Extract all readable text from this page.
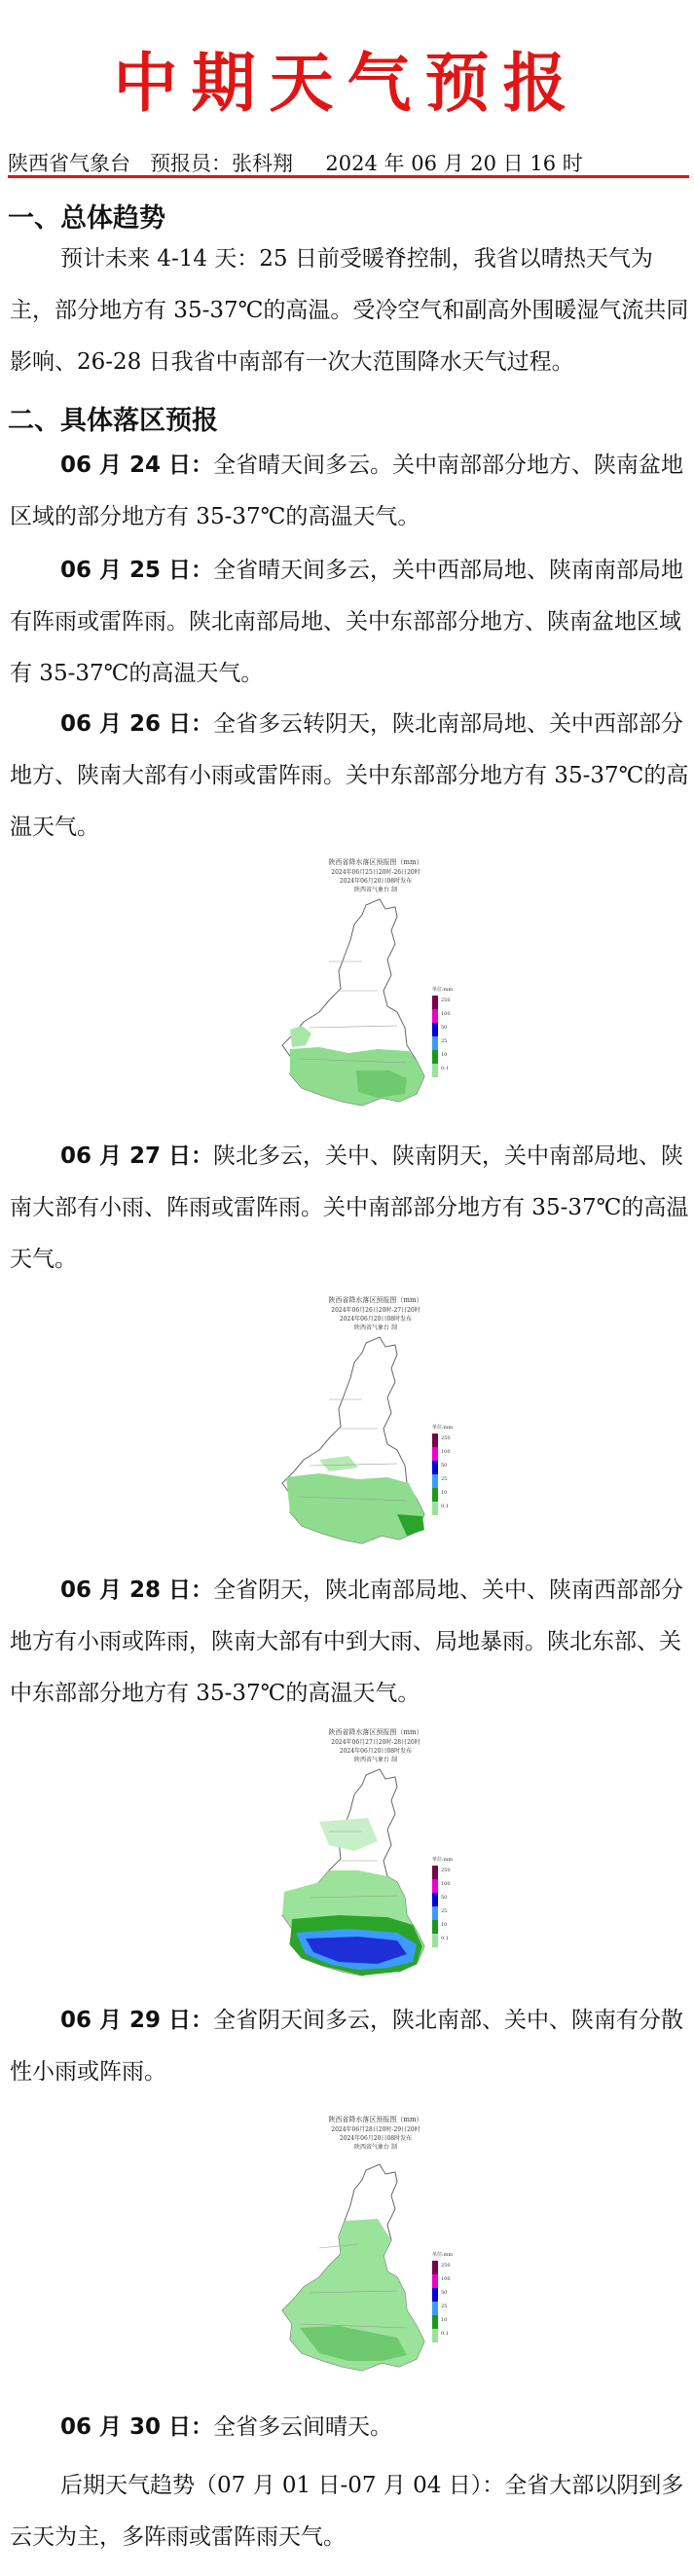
中期天气预报
陕西省气象台 预报员：张科翔 2024 年 06 月 20 日 16 时
一、总体趋势
预计未来 4-14 天：25 日前受暖脊控制，我省以晴热天气为主，部分地方有 35-37℃的高温。受冷空气和副高外围暖湿气流共同影响、26-28 日我省中南部有一次大范围降水天气过程。
二、具体落区预报
06 月 24 日：全省晴天间多云。关中南部部分地方、陕南盆地区域的部分地方有 35-37℃的高温天气。
06 月 25 日：全省晴天间多云，关中西部局地、陕南南部局地有阵雨或雷阵雨。陕北南部局地、关中东部部分地方、陕南盆地区域有 35-37℃的高温天气。
06 月 26 日：全省多云转阴天，陕北南部局地、关中西部部分地方、陕南大部有小雨或雷阵雨。关中东部部分地方有 35-37℃的高温天气。
陕西省降水落区预报图（mm）
2024年06月25日20时-26日20时
2024年06月20日08时发布
陕西省气象台 制
单位:mm
250
100
50
25
10
0.1
06 月 27 日：陕北多云，关中、陕南阴天，关中南部局地、陕南大部有小雨、阵雨或雷阵雨。关中南部部分地方有 35-37℃的高温天气。
陕西省降水落区预报图（mm）
2024年06月26日20时-27日20时
2024年06月20日08时发布
陕西省气象台 制
单位:mm
250
100
50
25
10
0.1
06 月 28 日：全省阴天，陕北南部局地、关中、陕南西部部分地方有小雨或阵雨，陕南大部有中到大雨、局地暴雨。陕北东部、关中东部部分地方有 35-37℃的高温天气。
陕西省降水落区预报图（mm）
2024年06月27日20时-28日20时
2024年06月20日08时发布
陕西省气象台 制
单位:mm
250
100
50
25
10
0.1
06 月 29 日：全省阴天间多云，陕北南部、关中、陕南有分散性小雨或阵雨。
陕西省降水落区预报图（mm）
2024年06月28日20时-29日20时
2024年06月20日08时发布
陕西省气象台 制
单位:mm
250
100
50
25
10
0.1
06 月 30 日：全省多云间晴天。
后期天气趋势（07 月 01 日-07 月 04 日）：全省大部以阴到多云天为主，多阵雨或雷阵雨天气。
